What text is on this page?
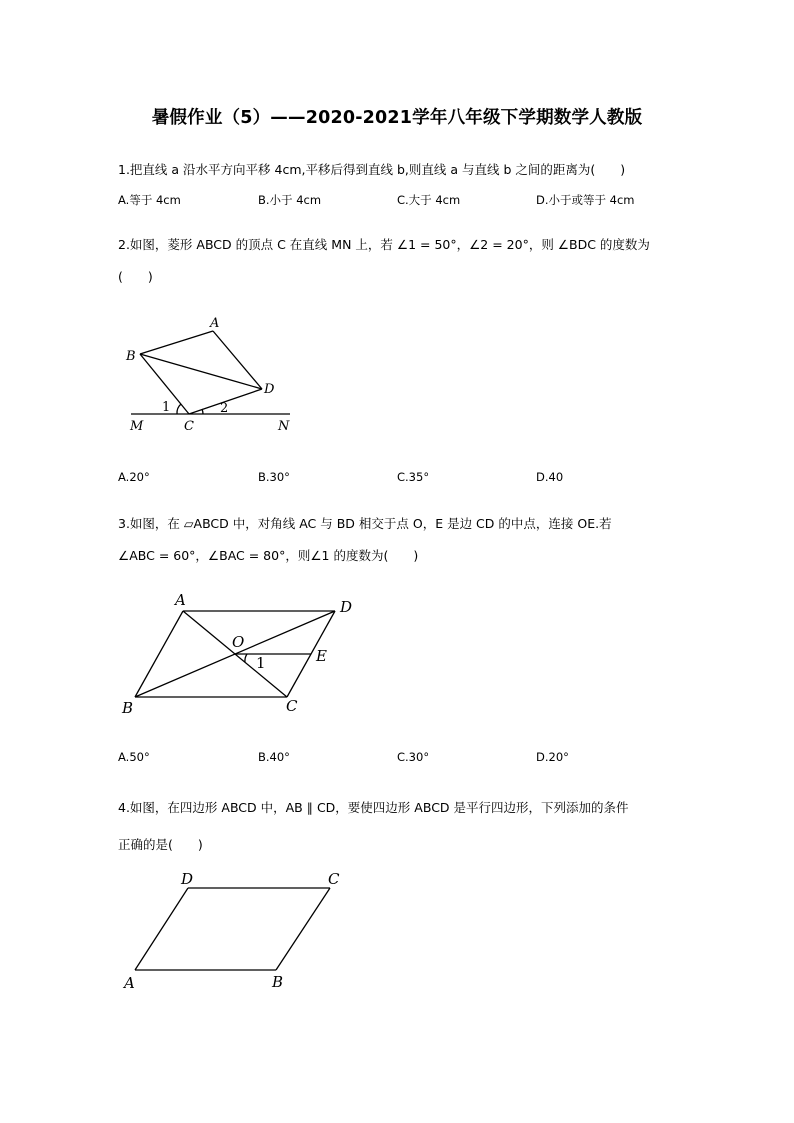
暑假作业（5）——2020-2021学年八年级下学期数学人教版
1.把直线 a 沿水平方向平移 4cm,平移后得到直线 b,则直线 a 与直线 b 之间的距离为(　　)
A.等于 4cm	B.小于 4cm	C.大于 4cm	D.小于或等于 4cm
2.如图，菱形 ABCD 的顶点 C 在直线 MN 上，若 ∠1 = 50°，∠2 = 20°，则 ∠BDC 的度数为
(　　)
A
B
D
C
M	N
1	2
A.20°	B.30°	C.35°	D.40
3.如图，在 ▱ABCD 中，对角线 AC 与 BD 相交于点 O，E 是边 CD 的中点，连接 OE.若
∠ABC = 60°，∠BAC = 80°，则∠1 的度数为(　　)
A	D
B	C
O
E
1
A.50°	B.40°	C.30°	D.20°
4.如图，在四边形 ABCD 中，AB ∥ CD，要使四边形 ABCD 是平行四边形，下列添加的条件
正确的是(　　)
D	C
A	B
